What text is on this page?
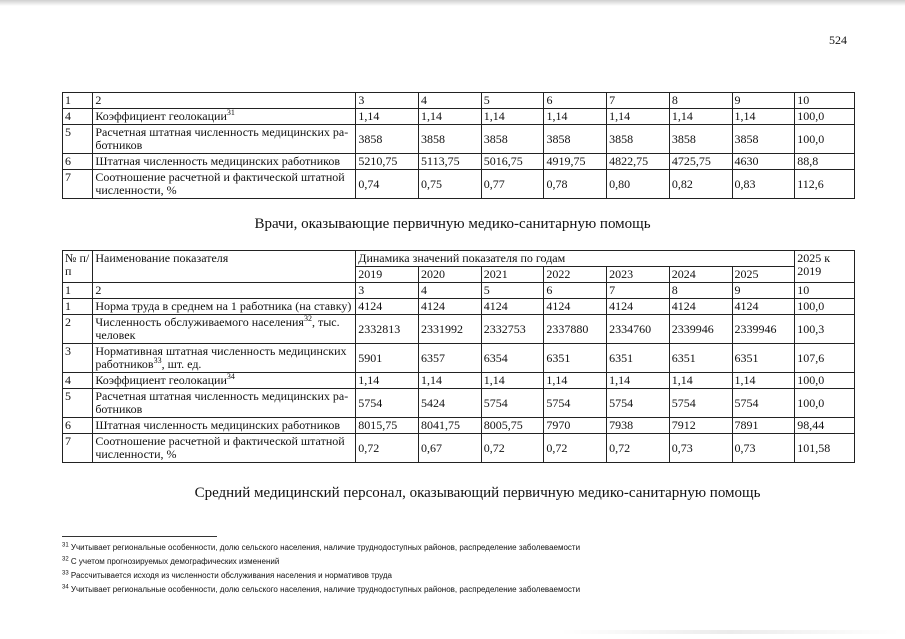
524
1	2	3	4	5	6	7	8	9	10
4	Коэффициент геолокации$^{31}$	1,14	1,14	1,14	1,14	1,14	1,14	1,14	100,0
5	Расчетная штатная численность медицинских ра- ботников	3858	3858	3858	3858	3858	3858	3858	100,0
6	Штатная численность медицинских работников	5210,75	5113,75	5016,75	4919,75	4822,75	4725,75	4630	88,8
7	Соотношение расчетной и фактической штатной численности, %	0,74	0,75	0,77	0,78	0,80	0,82	0,83	112,6
Врачи, оказывающие первичную медико-санитарную помощь
№ п/п	Наименование показателя	Динамика значений показателя по годам							2025 к 2019
		2019	2020	2021	2022	2023	2024	2025	
1	2	3	4	5	6	7	8	9	10
1	Норма труда в среднем на 1 работника (на ставку)	4124	4124	4124	4124	4124	4124	4124	100,0
2	Численность обслуживаемого населения$^{32}$, тыс. человек	2332813	2331992	2332753	2337880	2334760	2339946	2339946	100,3
3	Нормативная штатная численность медицинских работников$^{33}$, шт. ед.	5901	6357	6354	6351	6351	6351	6351	107,6
4	Коэффициент геолокации$^{34}$	1,14	1,14	1,14	1,14	1,14	1,14	1,14	100,0
5	Расчетная штатная численность медицинских ра- ботников	5754	5424	5754	5754	5754	5754	5754	100,0
6	Штатная численность медицинских работников	8015,75	8041,75	8005,75	7970	7938	7912	7891	98,44
7	Соотношение расчетной и фактической штатной численности, %	0,72	0,67	0,72	0,72	0,72	0,73	0,73	101,58
Средний медицинский персонал, оказывающий первичную медико-санитарную помощь
$^{31}$ Учитывает региональные особенности, долю сельского населения, наличие труднодоступных районов, распределение заболеваемости
$^{32}$ С учетом прогнозируемых демографических изменений
$^{33}$ Рассчитывается исходя из численности обслуживания населения и нормативов труда
$^{34}$ Учитывает региональные особенности, долю сельского населения, наличие труднодоступных районов, распределение заболеваемости
